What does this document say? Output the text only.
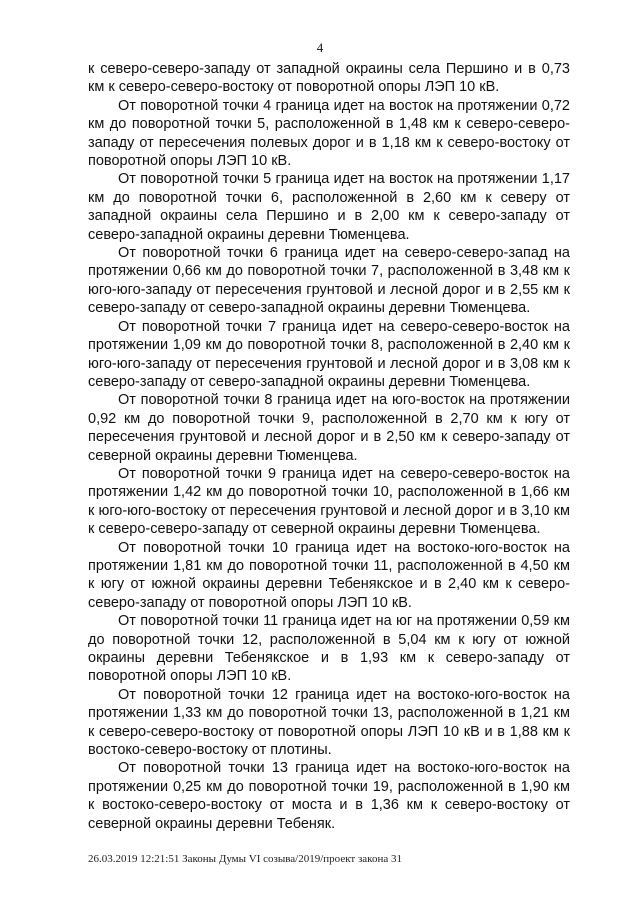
4

к северо-северо-западу от западной окраины села Першино и в 0,73 км к северо-северо-востоку от поворотной опоры ЛЭП 10 кВ.

От поворотной точки 4 граница идет на восток на протяжении 0,72 км до поворотной точки 5, расположенной в 1,48 км к северо-северо-западу от пересечения полевых дорог и в 1,18 км к северо-востоку от поворотной опоры ЛЭП 10 кВ.

От поворотной точки 5 граница идет на восток на протяжении 1,17 км до поворотной точки 6, расположенной в 2,60 км к северу от западной окраины села Першино и в 2,00 км к северо-западу от северо-западной окраины деревни Тюменцева.

От поворотной точки 6 граница идет на северо-северо-запад на протяжении 0,66 км до поворотной точки 7, расположенной в 3,48 км к юго-юго-западу от пересечения грунтовой и лесной дорог и в 2,55 км к северо-западу от северо-западной окраины деревни Тюменцева.

От поворотной точки 7 граница идет на северо-северо-восток на протяжении 1,09 км до поворотной точки 8, расположенной в 2,40 км к юго-юго-западу от пересечения грунтовой и лесной дорог и в 3,08 км к северо-западу от северо-западной окраины деревни Тюменцева.

От поворотной точки 8 граница идет на юго-восток на протяжении 0,92 км до поворотной точки 9, расположенной в 2,70 км к югу от пересечения грунтовой и лесной дорог и в 2,50 км к северо-западу от северной окраины деревни Тюменцева.

От поворотной точки 9 граница идет на северо-северо-восток на протяжении 1,42 км до поворотной точки 10, расположенной в 1,66 км к юго-юго-востоку от пересечения грунтовой и лесной дорог и в 3,10 км к северо-северо-западу от северной окраины деревни Тюменцева.

От поворотной точки 10 граница идет на востоко-юго-восток на протяжении 1,81 км до поворотной точки 11, расположенной в 4,50 км к югу от южной окраины деревни Тебенякское и в 2,40 км к северо-северо-западу от поворотной опоры ЛЭП 10 кВ.

От поворотной точки 11 граница идет на юг на протяжении 0,59 км до поворотной точки 12, расположенной в 5,04 км к югу от южной окраины деревни Тебенякское и в 1,93 км к северо-западу от поворотной опоры ЛЭП 10 кВ.

От поворотной точки 12 граница идет на востоко-юго-восток на протяжении 1,33 км до поворотной точки 13, расположенной в 1,21 км к северо-северо-востоку от поворотной опоры ЛЭП 10 кВ и в 1,88 км к востоко-северо-востоку от плотины.

От поворотной точки 13 граница идет на востоко-юго-восток на протяжении 0,25 км до поворотной точки 19, расположенной в 1,90 км к востоко-северо-востоку от моста и в 1,36 км к северо-востоку от северной окраины деревни Тебеняк.

26.03.2019 12:21:51 Законы Думы VI созыва/2019/проект закона 31
